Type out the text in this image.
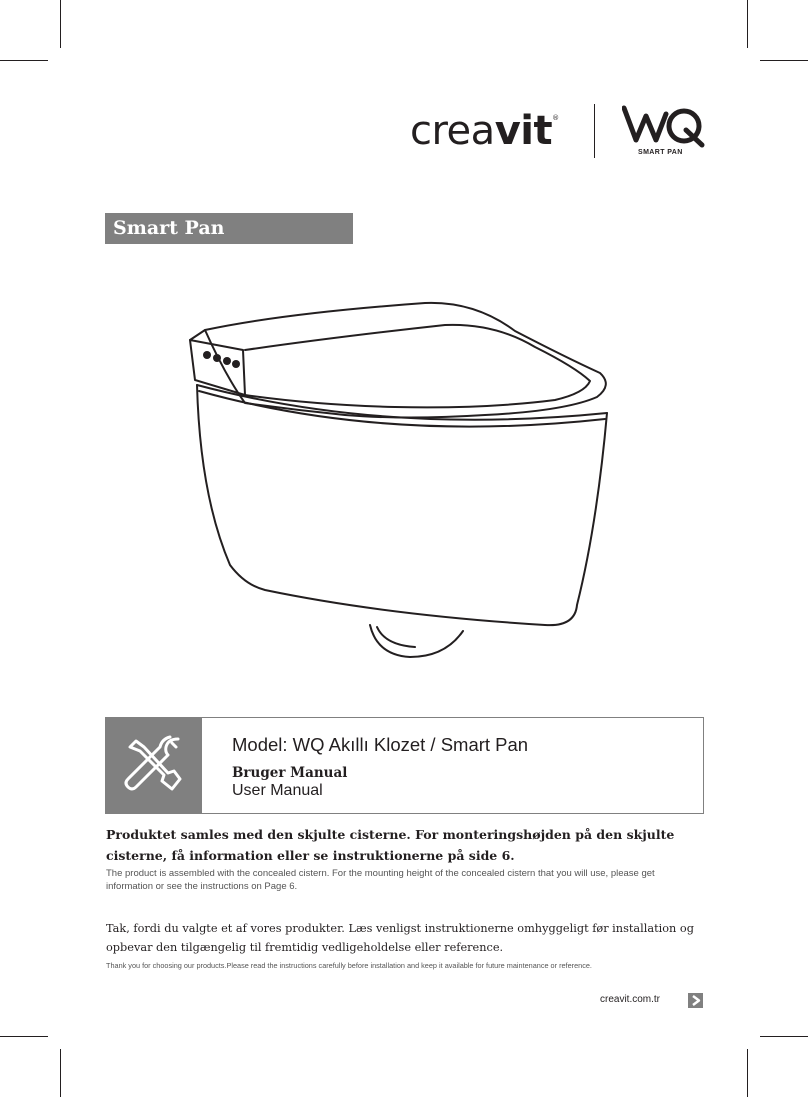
creavit®
SMART PAN
Smart Pan
Model: WQ Akıllı Klozet / Smart Pan
Bruger Manual
User Manual
Produktet samles med den skjulte cisterne. For monteringshøjden på den skjulte cisterne, få information eller se instruktionerne på side 6.
The product is assembled with the concealed cistern. For the mounting height of the concealed cistern that you will use, please get information or see the instructions on Page 6.
Tak, fordi du valgte et af vores produkter. Læs venligst instruktionerne omhyggeligt før installation og opbevar den tilgængelig til fremtidig vedligeholdelse eller reference.
Thank you for choosing our products.Please read the instructions carefully before installation and keep it available for future maintenance or reference.
creavit.com.tr
